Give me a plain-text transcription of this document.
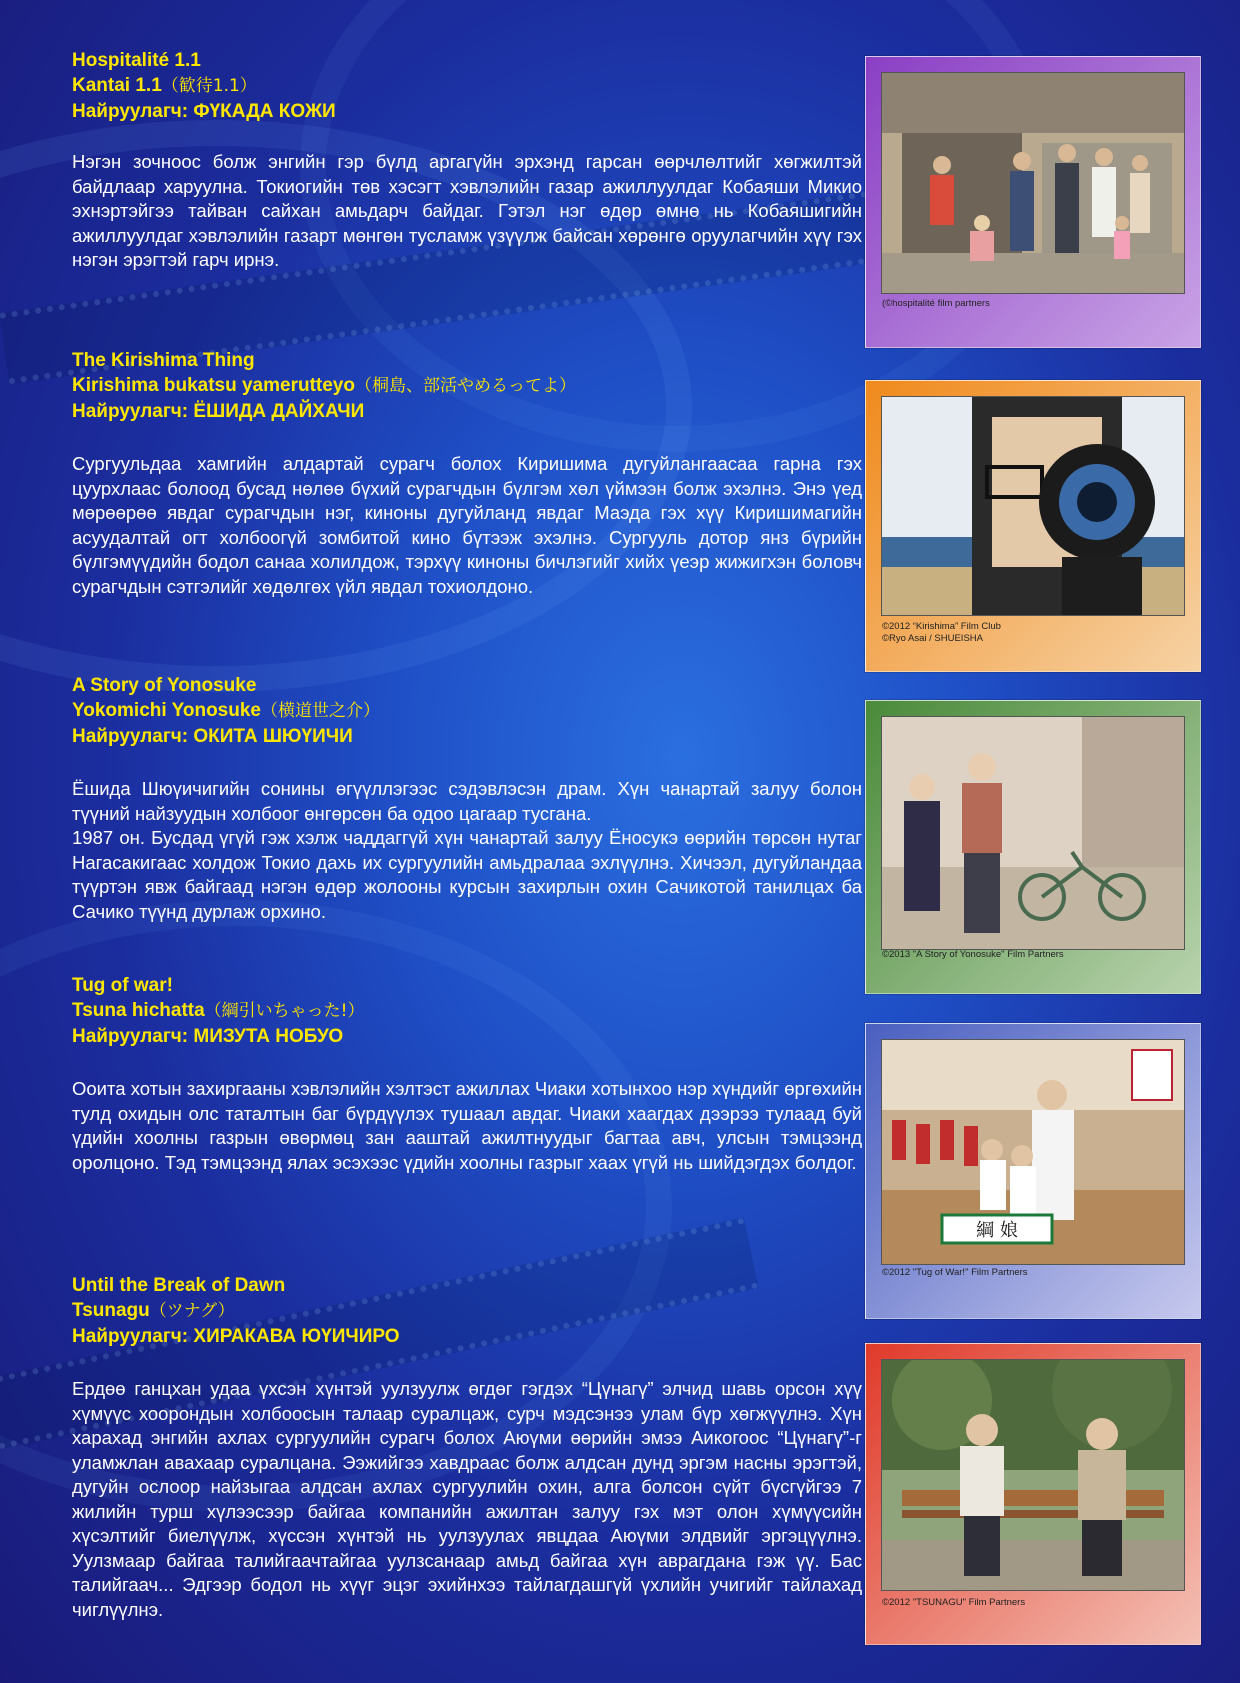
Hospitalité 1.1
Kantai 1.1（歓待1.1）
Найруулагч: ФҮКАДА КОЖИ
Нэгэн зочноос болж энгийн гэр бүлд аргагүйн эрхэнд гарсан өөрчлөлтийг хөгжилтэй байдлаар харуулна. Токиогийн төв хэсэгт хэвлэлийн газар ажиллуулдаг Кобаяши Микио эхнэртэйгээ тайван сайхан амьдарч байдаг. Гэтэл нэг өдөр өмнө нь Кобаяшигийн ажиллуулдаг хэвлэлийн газарт мөнгөн тусламж үзүүлж байсан хөрөнгө оруулагчийн хүү гэх нэгэн эрэгтэй гарч ирнэ.
(©hospitalité film partners
The Kirishima Thing
Kirishima bukatsu yamerutteyo（桐島、部活やめるってよ）
Найруулагч: ЁШИДА ДАЙХАЧИ
Сургуульдаа хамгийн алдартай сурагч болох Киришима дугуйлангаасаа гарна гэх цуурхлаас болоод бусад нөлөө бүхий сурагчдын бүлгэм хөл үймээн болж эхэлнэ. Энэ үед мөрөөрөө явдаг сурагчдын нэг, киноны дугуйланд явдаг Маэда гэх хүү Киришимагийн асуудалтай огт холбоогүй зомбитой кино бүтээж эхэлнэ. Сургууль дотор янз бүрийн бүлгэмүүдийн бодол санаа холилдож, тэрхүү киноны бичлэгийг хийх үеэр жижигхэн боловч сурагчдын сэтгэлийг хөдөлгөх үйл явдал тохиолдоно.
©2012 “Kirishima” Film Club
©Ryo Asai / SHUEISHA
A Story of Yonosuke
Yokomichi Yonosuke（横道世之介）
Найруулагч: ОКИТА ШЮҮИЧИ
Ёшида Шюүичигийн сонины өгүүллэгээс сэдэвлэсэн драм. Хүн чанартай залуу болон түүний найзуудын холбоог өнгөрсөн ба одоо цагаар тусгана.
1987 он. Бусдад үгүй гэж хэлж чаддаггүй хүн чанартай залуу Ёносукэ өөрийн төрсөн нутаг Нагасакигаас холдож Токио дахь их сургуулийн амьдралаа эхлүүлнэ. Хичээл, дугуйландаа түүртэн явж байгаад нэгэн өдөр жолооны курсын захирлын охин Сачикотой танилцах ба Сачико түүнд дурлаж орхино.
©2013 "A Story of Yonosuke" Film Partners
Tug of war!
Tsuna hichatta（綱引いちゃった!）
Найруулагч: МИЗУТА НОБУО
Ооита хотын захиргааны хэвлэлийн хэлтэст ажиллах Чиаки хотынхоо нэр хүндийг өргөхийн тулд охидын олс таталтын баг бүрдүүлэх тушаал авдаг. Чиаки хаагдах дээрээ тулаад буй үдийн хоолны газрын өвөрмөц зан ааштай ажилтнуудыг багтаа авч, улсын тэмцээнд оролцоно. Тэд тэмцээнд ялах эсэхээс үдийн хоолны газрыг хаах үгүй нь шийдэгдэх болдог.
綱 娘
©2012 "Tug of War!" Film Partners
Until the Break of Dawn
Tsunagu（ツナグ）
Найруулагч: ХИРАКАВА ЮҮИЧИРО
Ердөө ганцхан удаа үхсэн хүнтэй уулзуулж өгдөг гэгдэх “Цүнагү” элчид шавь орсон хүү хүмүүс хоорондын холбоосын талаар суралцаж, сурч мэдсэнээ улам бүр хөгжүүлнэ. Хүн харахад энгийн ахлах сургуулийн сурагч болох Аюүми өөрийн эмээ Аикогоос “Цүнагү”-г уламжлан авахаар суралцана. Ээжийгээ хавдраас болж алдсан дунд эргэм насны эрэгтэй, дугуйн ослоор найзыгаа алдсан ахлах сургуулийн охин, алга болсон сүйт бүсгүйгээ 7 жилийн турш хүлээсээр байгаа компанийн ажилтан залуу гэх мэт олон хүмүүсийн хүсэлтийг биелүүлж, хүссэн хүнтэй нь уулзуулах явцдаа Аюүми элдвийг эргэцүүлнэ. Уулзмаар байгаа талийгаачтайгаа уулзсанаар амьд байгаа хүн аврагдана гэж үү. Бас талийгаач... Эдгээр бодол нь хүүг эцэг эхийнхээ тайлагдашгүй үхлийн учигийг тайлахад чиглүүлнэ.	©2012 "TSUNAGU" Film Partners
